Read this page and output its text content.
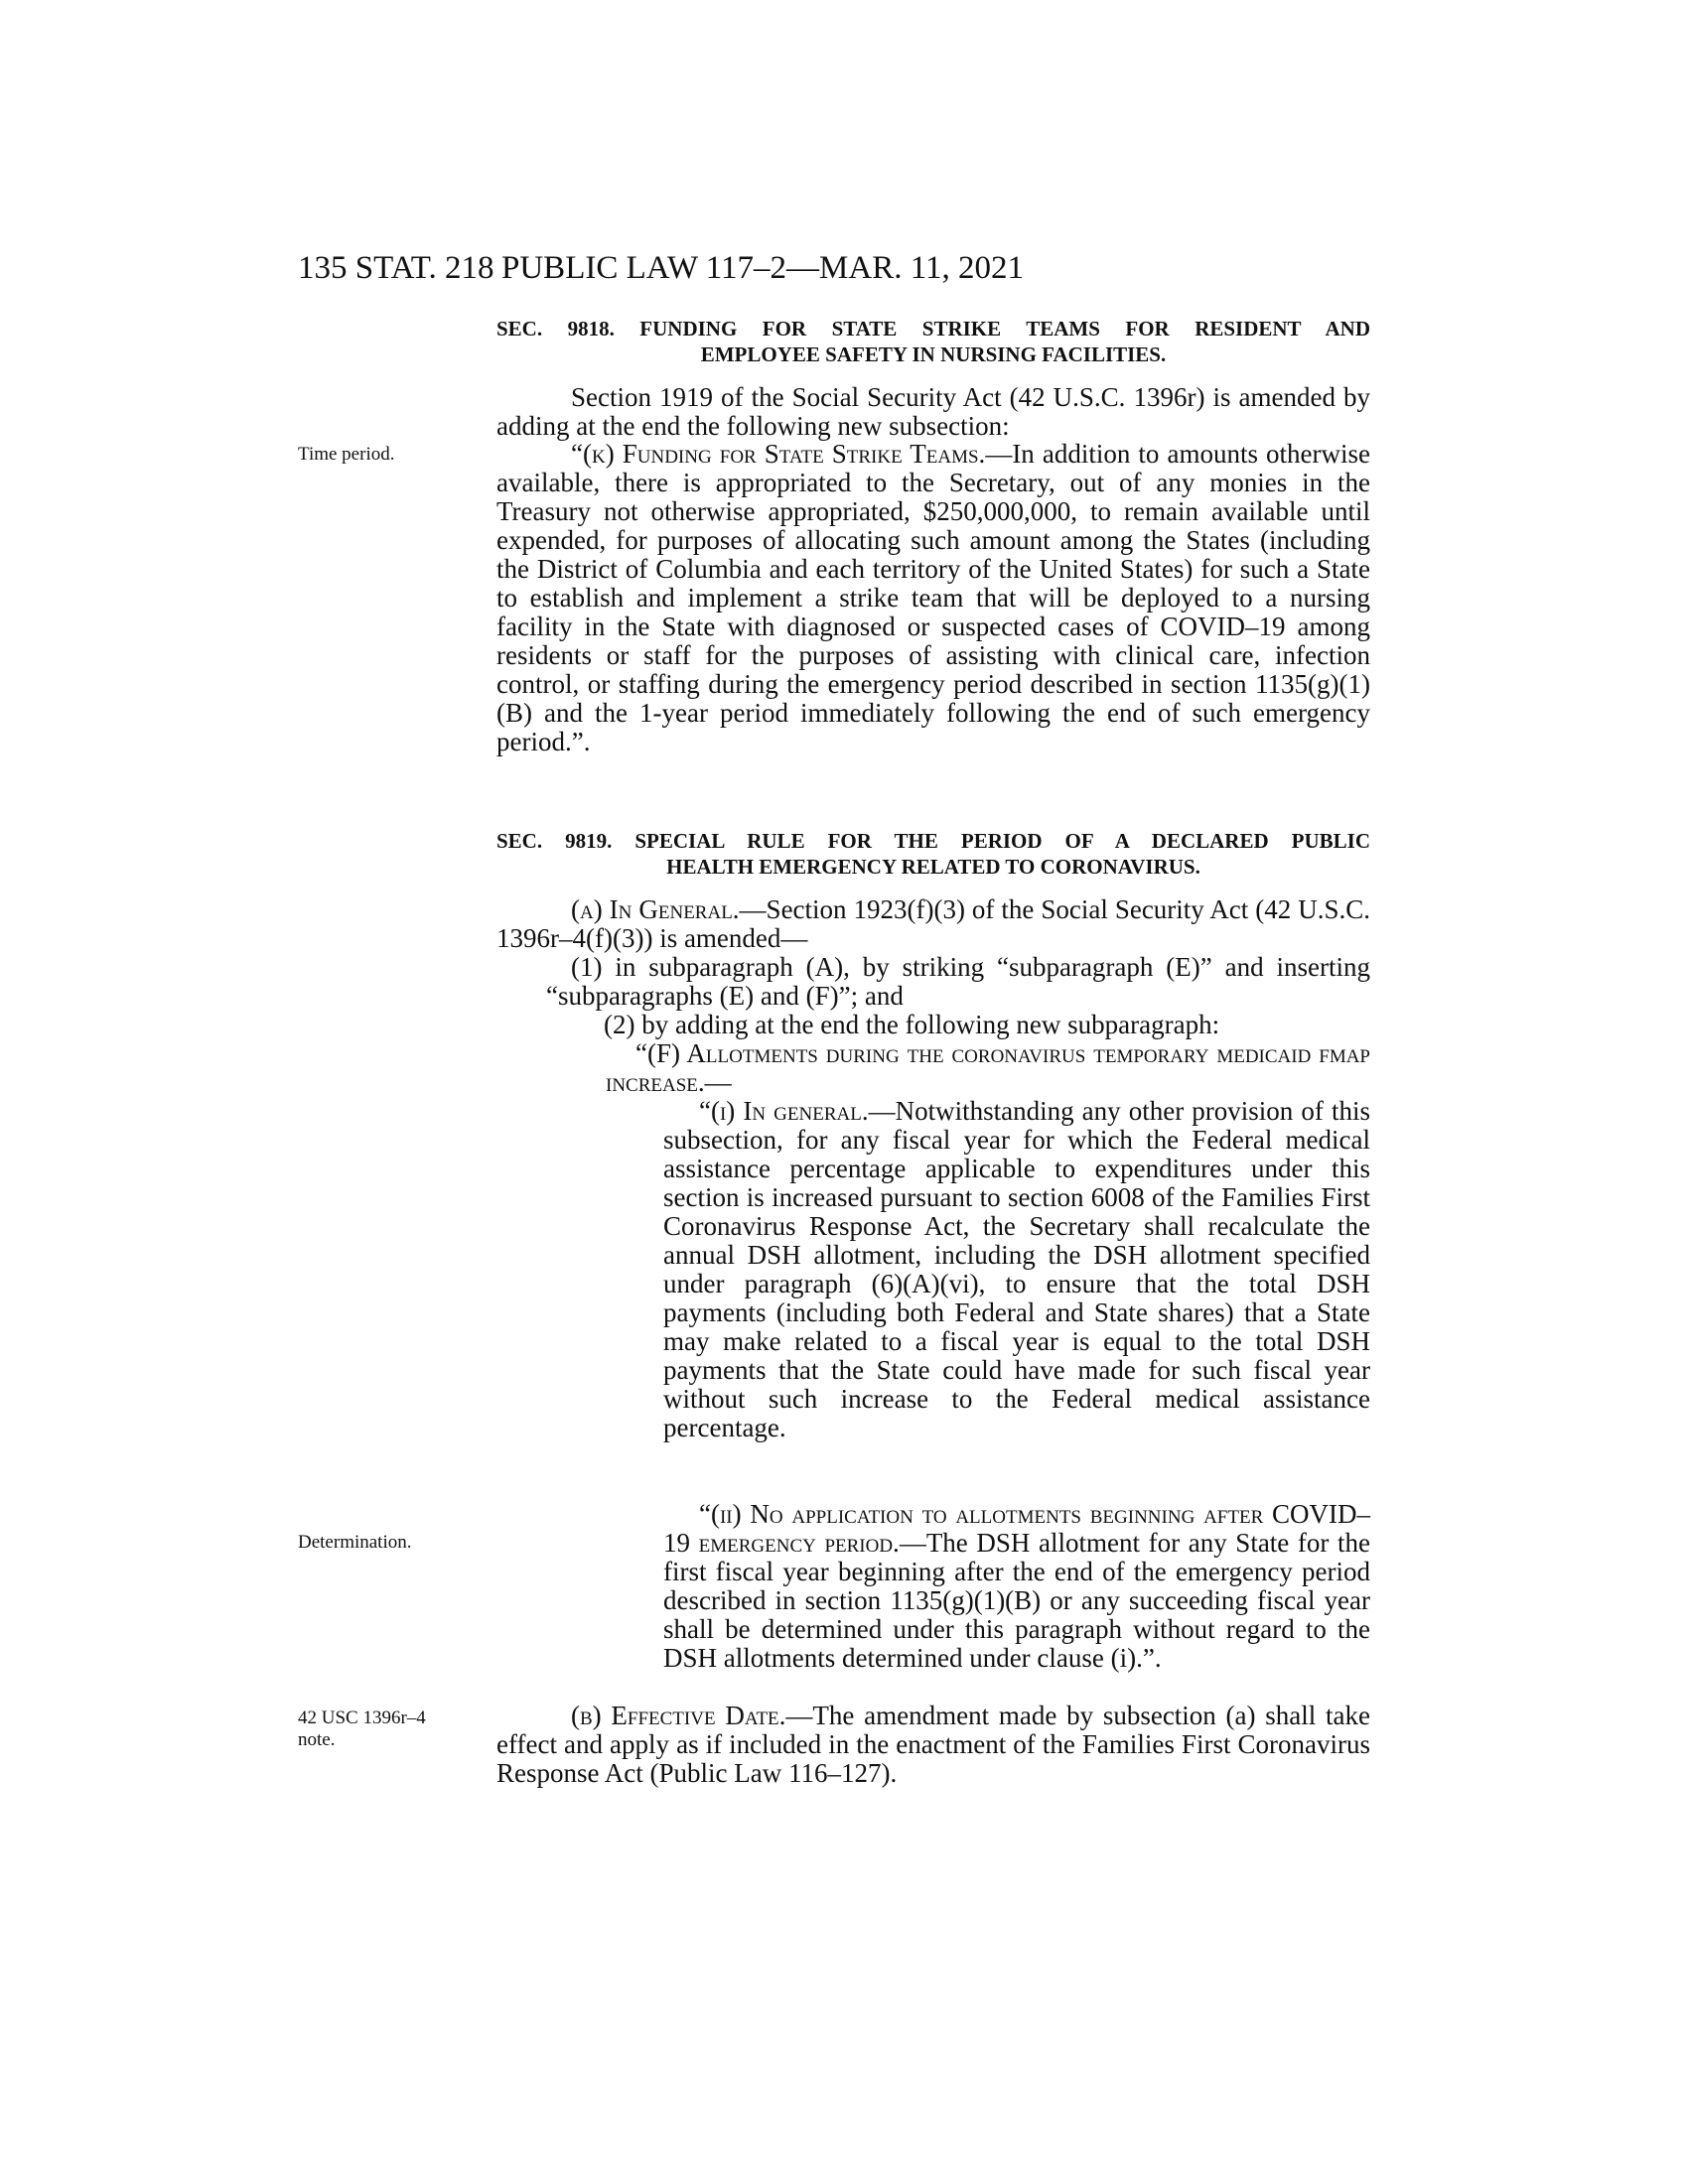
135 STAT. 218 PUBLIC LAW 117–2—MAR. 11, 2021
SEC. 9818. FUNDING FOR STATE STRIKE TEAMS FOR RESIDENT AND
EMPLOYEE SAFETY IN NURSING FACILITIES.
Section 1919 of the Social Security Act (42 U.S.C. 1396r) is amended by adding at the end the following new subsection:
Time period.	“(k) Funding for State Strike Teams.—In addition to amounts otherwise available, there is appropriated to the Secretary, out of any monies in the Treasury not otherwise appropriated, $250,000,000, to remain available until expended, for purposes of allocating such amount among the States (including the District of Columbia and each territory of the United States) for such a State to establish and implement a strike team that will be deployed to a nursing facility in the State with diagnosed or suspected cases of COVID–19 among residents or staff for the purposes of assisting with clinical care, infection control, or staffing during the emergency period described in section 1135(g)(1)(B) and the 1-year period immediately following the end of such emergency period.”.
SEC. 9819. SPECIAL RULE FOR THE PERIOD OF A DECLARED PUBLIC
HEALTH EMERGENCY RELATED TO CORONAVIRUS.
(a) In General.—Section 1923(f)(3) of the Social Security Act (42 U.S.C. 1396r–4(f)(3)) is amended—
(1) in subparagraph (A), by striking “subparagraph (E)” and inserting “subparagraphs (E) and (F)”; and
(2) by adding at the end the following new subparagraph:
“(F) Allotments during the coronavirus temporary medicaid fmap increase.—
“(i) In general.—Notwithstanding any other provision of this subsection, for any fiscal year for which the Federal medical assistance percentage applicable to expenditures under this section is increased pursuant to section 6008 of the Families First Coronavirus Response Act, the Secretary shall recalculate the annual DSH allotment, including the DSH allotment specified under paragraph (6)(A)(vi), to ensure that the total DSH payments (including both Federal and State shares) that a State may make related to a fiscal year is equal to the total DSH payments that the State could have made for such fiscal year without such increase to the Federal medical assistance percentage.
“(ii) No application to allotments beginning after COVID–19 emergency period.—The DSH allotment for any State for the first fiscal year beginning after the end of the emergency period described in section 1135(g)(1)(B) or any succeeding fiscal year shall be determined under this paragraph without regard to the DSH allotments determined under clause (i).”.
Determination.
42 USC 1396r–4
note.
(b) Effective Date.—The amendment made by subsection (a) shall take effect and apply as if included in the enactment of the Families First Coronavirus Response Act (Public Law 116–127).
